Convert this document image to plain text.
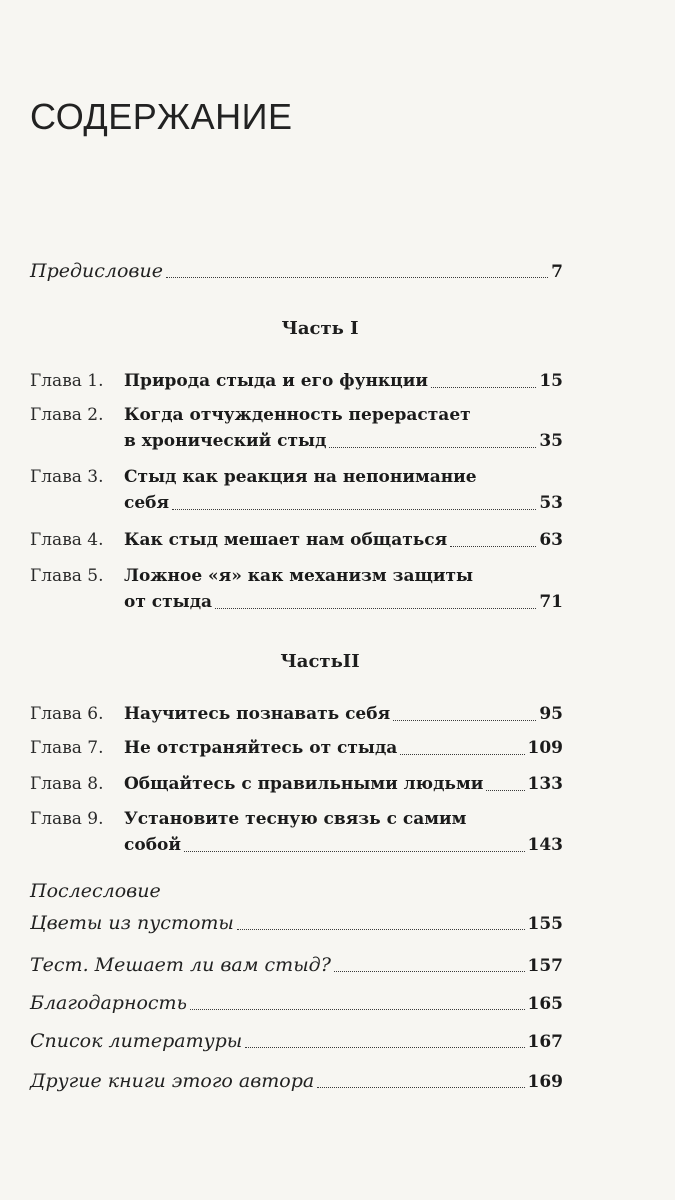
СОДЕРЖАНИЕ
Предисловие	7
Часть I
Глава 1. Природа стыда и его функции	15
Глава 2. Когда отчужденность перерастает
в хронический стыд	35
Глава 3. Стыд как реакция на непонимание
себя	53
Глава 4. Как стыд мешает нам общаться	63
Глава 5. Ложное «я» как механизм защиты
от стыда	71
ЧастьII
Глава 6. Научитесь познавать себя	95
Глава 7. Не отстраняйтесь от стыда	109
Глава 8. Общайтесь с правильными людьми	133
Глава 9. Установите тесную связь с самим
собой	143
Послесловие
Цветы из пустоты	155
Тест. Мешает ли вам стыд?	157
Благодарность	165
Список литературы	167
Другие книги этого автора	169
